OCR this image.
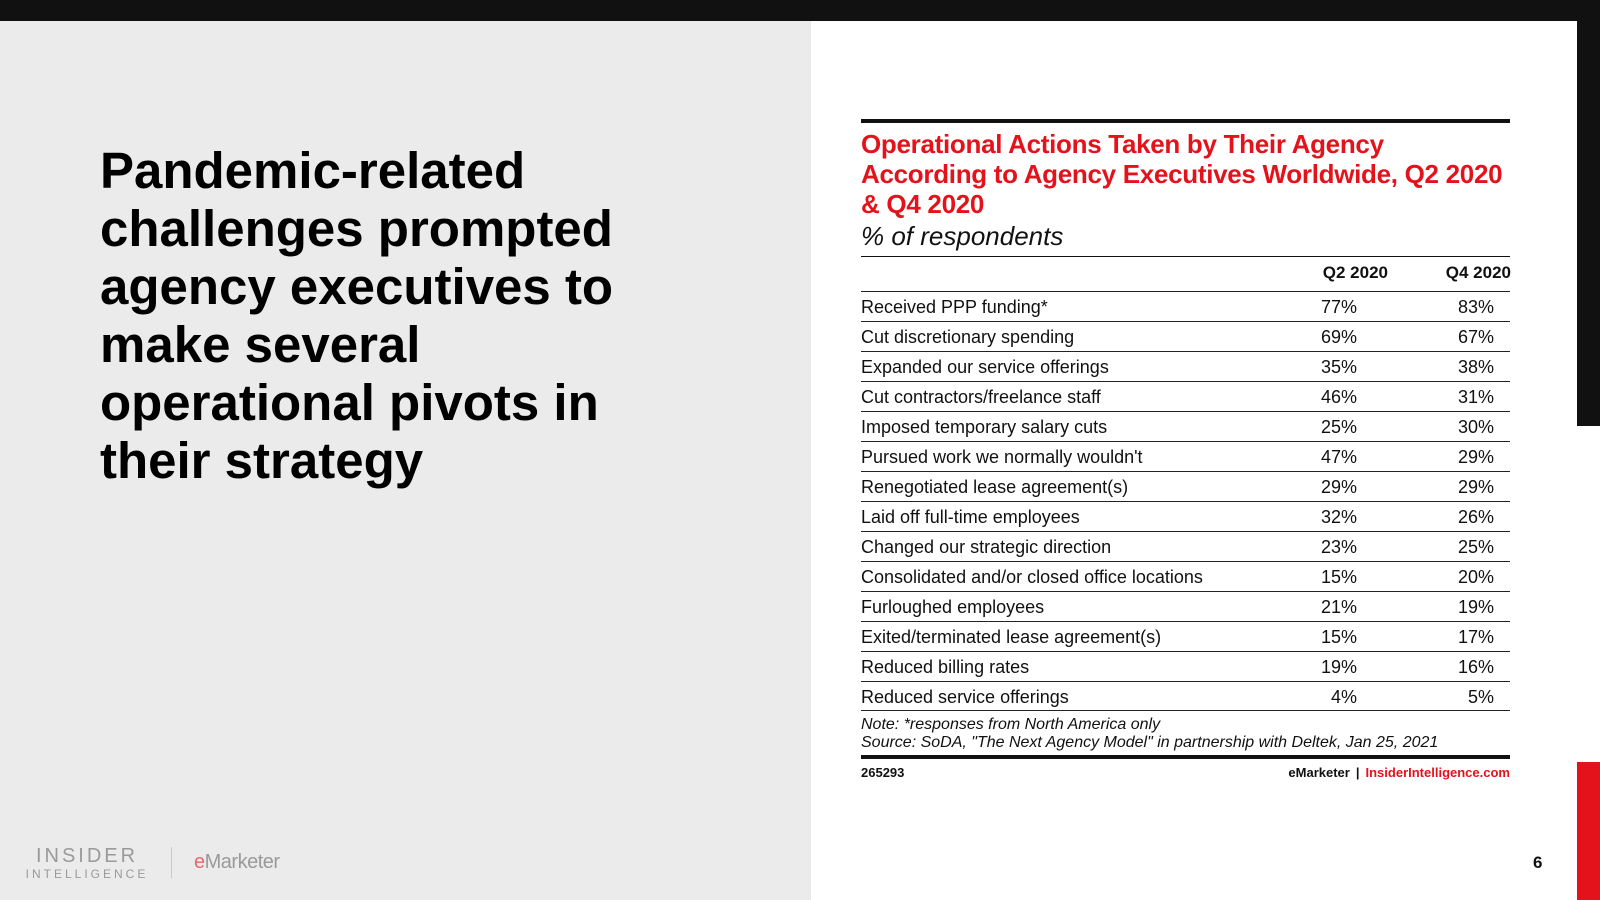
Pandemic-related challenges prompted agency executives to make several operational pivots in their strategy
INSIDER
INTELLIGENCE
eMarketer
Operational Actions Taken by Their Agency According to Agency Executives Worldwide, Q2 2020 & Q4 2020
% of respondents
Q2 2020	Q4 2020
Received PPP funding*	77%	83%
Cut discretionary spending	69%	67%
Expanded our service offerings	35%	38%
Cut contractors/freelance staff	46%	31%
Imposed temporary salary cuts	25%	30%
Pursued work we normally wouldn't	47%	29%
Renegotiated lease agreement(s)	29%	29%
Laid off full-time employees	32%	26%
Changed our strategic direction	23%	25%
Consolidated and/or closed office locations	15%	20%
Furloughed employees	21%	19%
Exited/terminated lease agreement(s)	15%	17%
Reduced billing rates	19%	16%
Reduced service offerings	4%	5%
Note: *responses from North America only
Source: SoDA, "The Next Agency Model" in partnership with Deltek, Jan 25, 2021
265293	eMarketer | InsiderIntelligence.com
6
